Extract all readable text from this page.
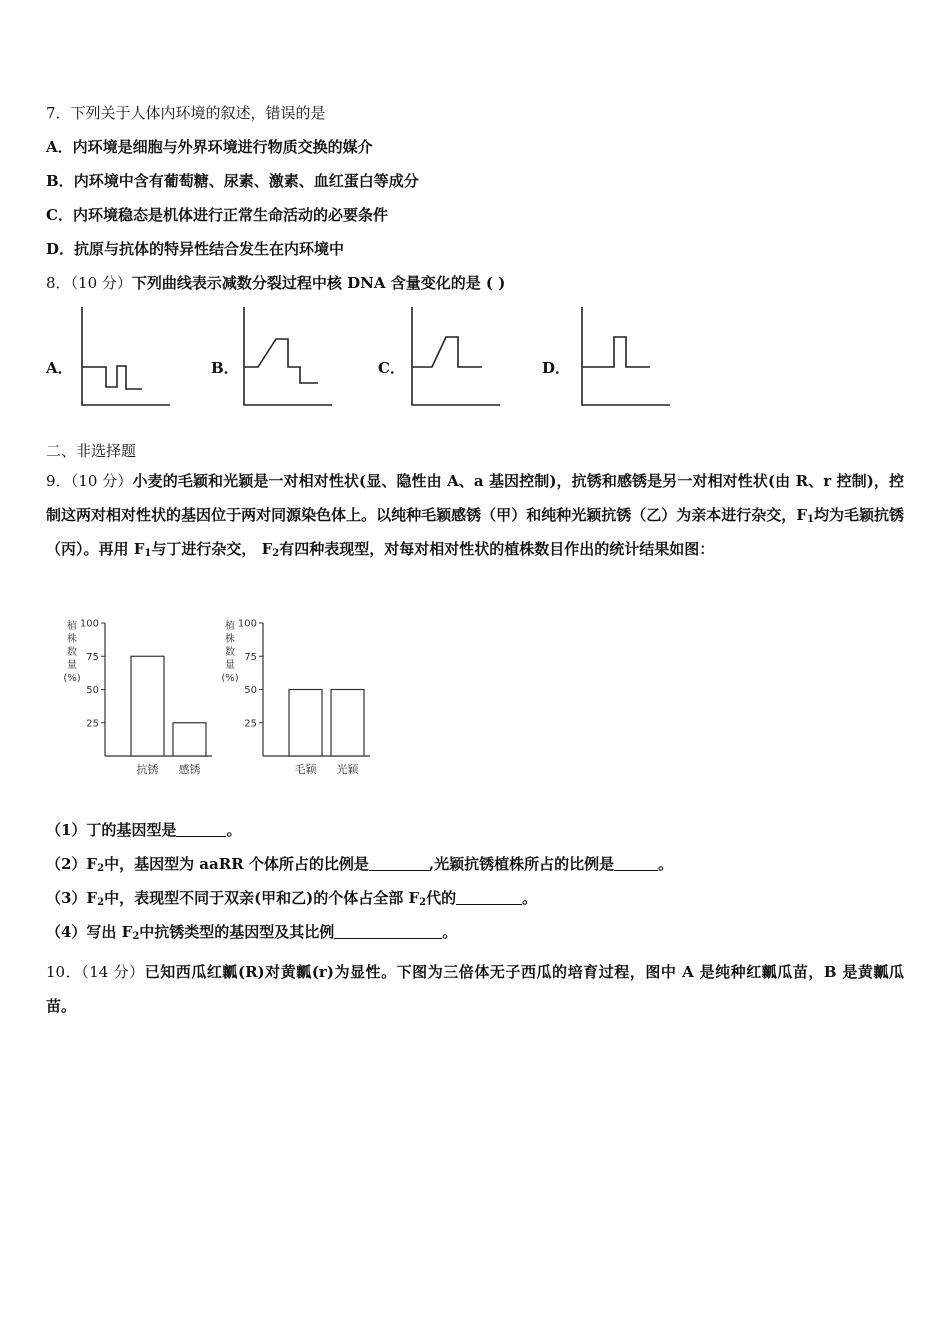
7．下列关于人体内环境的叙述，错误的是
A．内环境是细胞与外界环境进行物质交换的媒介
B．内环境中含有葡萄糖、尿素、激素、血红蛋白等成分
C．内环境稳态是机体进行正常生命活动的必要条件
D．抗原与抗体的特异性结合发生在内环境中
8．（10 分）下列曲线表示减数分裂过程中核 DNA 含量变化的是 ( )
A．	B．	C．	D．
二、非选择题
9．（10 分）小麦的毛颖和光颖是一对相对性状(显、隐性由 A、a 基因控制)，抗锈和感锈是另一对相对性状(由 R、r 控制)，控制这两对相对性状的基因位于两对同源染色体上。以纯种毛颖感锈（甲）和纯种光颖抗锈（乙）为亲本进行杂交，$F_1$均为毛颖抗锈（丙）。再用 $F_1$与丁进行杂交， $F_2$有四种表现型，对每对相对性状的植株数目作出的统计结果如图：
植
株
数
量
(%)
100
75
50
25
抗锈 感锈
植
株
数
量
(%)
100
75
50
25
毛颖 光颖
（1）丁的基因型是	。
$(2)F_2$中，基因型为 aaRR 个体所占的比例是	,光颖抗锈植株所占的比例是	。
$(3)F_2$中，表现型不同于双亲(甲和乙)的个体占全部 $F_2$代的	。
（4）写出 $F_2$中抗锈类型的基因型及其比例	。
10．（14 分）已知西瓜红瓤(R)对黄瓤(r)为显性。下图为三倍体无子西瓜的培育过程，图中 A 是纯种红瓤瓜苗，B 是黄瓤瓜苗。
